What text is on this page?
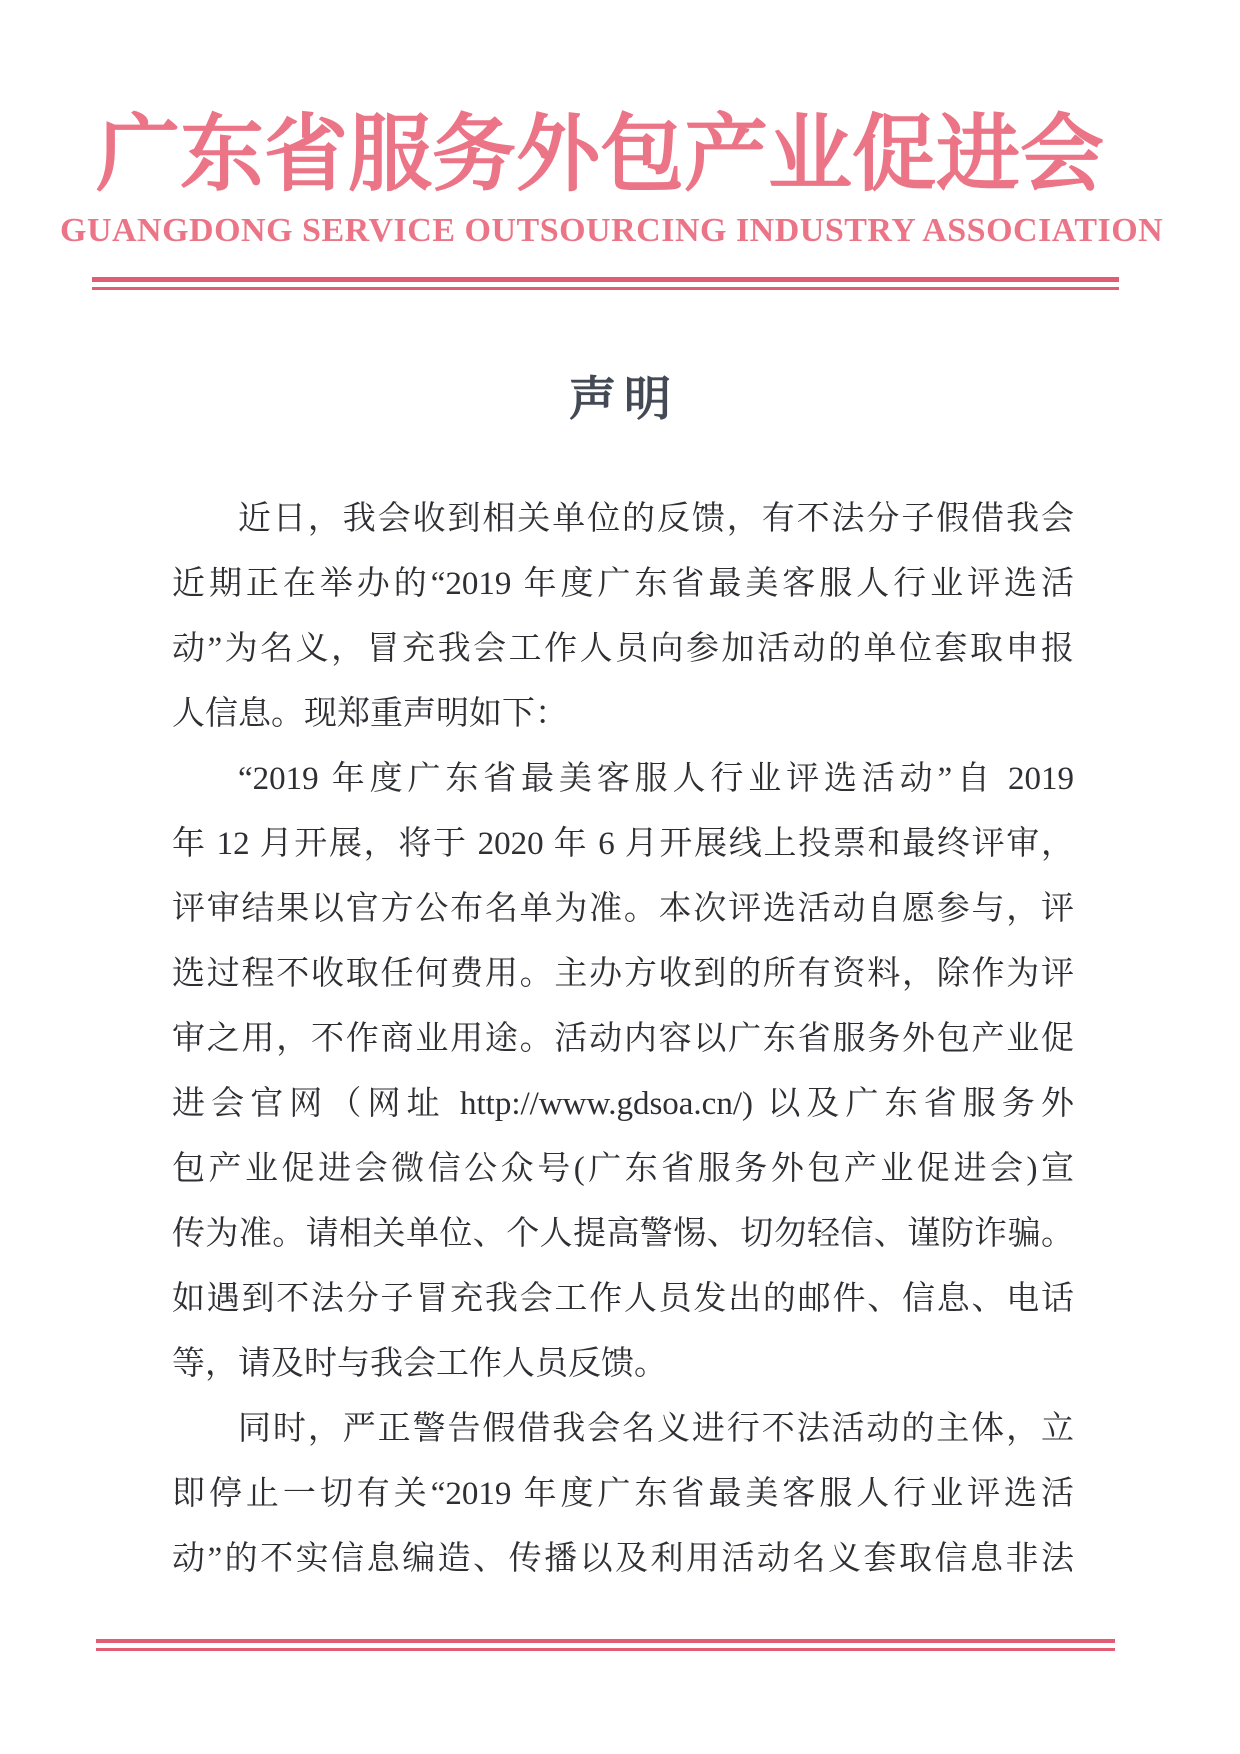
广东省服务外包产业促进会
GUANGDONG SERVICE OUTSOURCING INDUSTRY ASSOCIATION
声明

近日，我会收到相关单位的反馈，有不法分子假借我会

近期正在举办的“2019 年度广东省最美客服人行业评选活

动”为名义，冒充我会工作人员向参加活动的单位套取申报

人信息。现郑重声明如下：

“2019 年度广东省最美客服人行业评选活动”自 2019

年 12 月开展，将于 2020 年 6 月开展线上投票和最终评审，

评审结果以官方公布名单为准。本次评选活动自愿参与，评

选过程不收取任何费用。主办方收到的所有资料，除作为评

审之用，不作商业用途。活动内容以广东省服务外包产业促

进会官网（网址 http://www.gdsoa.cn/) 以及广东省服务外

包产业促进会微信公众号(广东省服务外包产业促进会)宣

传为准。请相关单位、个人提高警惕、切勿轻信、谨防诈骗。

如遇到不法分子冒充我会工作人员发出的邮件、信息、电话

等，请及时与我会工作人员反馈。

同时，严正警告假借我会名义进行不法活动的主体，立

即停止一切有关“2019 年度广东省最美客服人行业评选活

动”的不实信息编造、传播以及利用活动名义套取信息非法
